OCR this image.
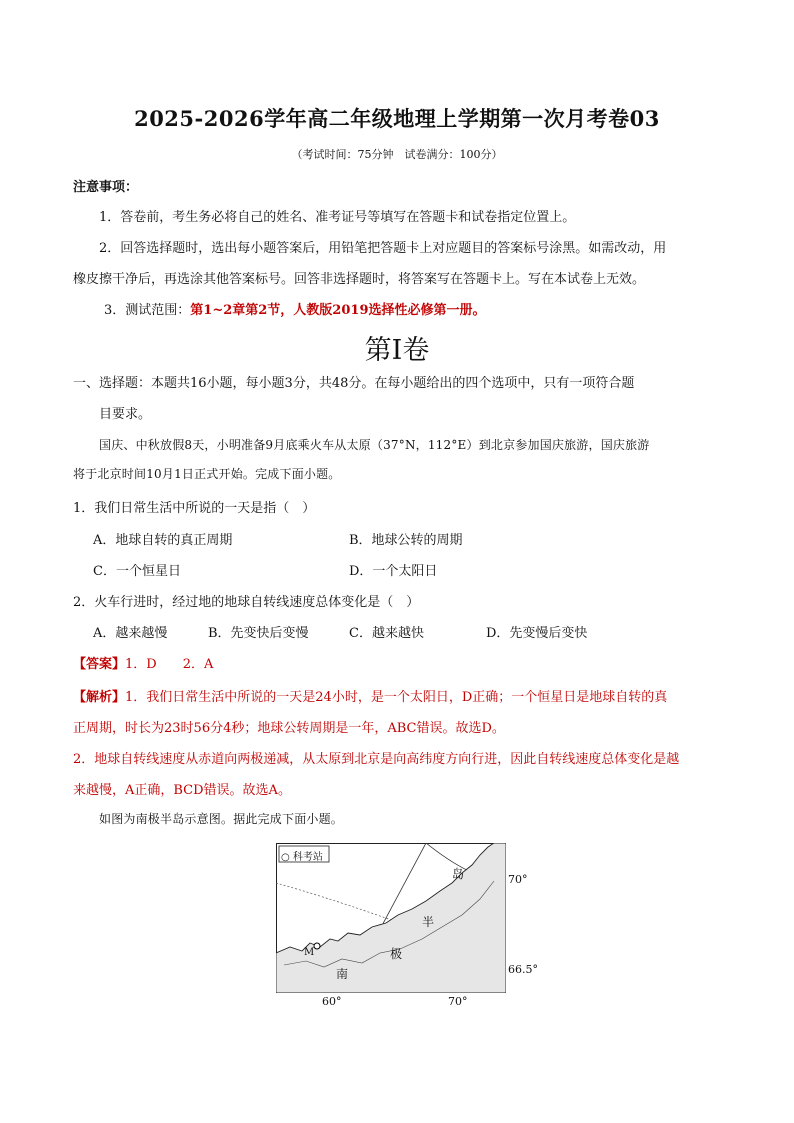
2025-2026学年高二年级地理上学期第一次月考卷03
（考试时间：75分钟　试卷满分：100分）
注意事项：
1．答卷前，考生务必将自己的姓名、准考证号等填写在答题卡和试卷指定位置上。
2．回答选择题时，选出每小题答案后，用铅笔把答题卡上对应题目的答案标号涂黑。如需改动，用
橡皮擦干净后，再选涂其他答案标号。回答非选择题时，将答案写在答题卡上。写在本试卷上无效。
3．测试范围：第1~2章第2节，人教版2019选择性必修第一册。
第Ⅰ卷
一、选择题：本题共16小题，每小题3分，共48分。在每小题给出的四个选项中，只有一项符合题
目要求。
国庆、中秋放假8天，小明准备9月底乘火车从太原（37°N，112°E）到北京参加国庆旅游，国庆旅游
将于北京时间10月1日正式开始。完成下面小题。
1．我们日常生活中所说的一天是指（　）
A．地球自转的真正周期	B．地球公转的周期
C．一个恒星日	D．一个太阳日
2．火车行进时，经过地的地球自转线速度总体变化是（　）
A．越来越慢	B．先变快后变慢	C．越来越快	D．先变慢后变快
【答案】1．D　　2．A
【解析】1．我们日常生活中所说的一天是24小时，是一个太阳日，D正确；一个恒星日是地球自转的真
正周期，时长为23时56分4秒；地球公转周期是一年，ABC错误。故选D。
2．地球自转线速度从赤道向两极递减，从太原到北京是向高纬度方向行进，因此自转线速度总体变化是越
来越慢，A正确，BCD错误。故选A。
如图为南极半岛示意图。据此完成下面小题。
○ 科考站
70°
66.5°
60°	70°
岛
半
极
南
M
